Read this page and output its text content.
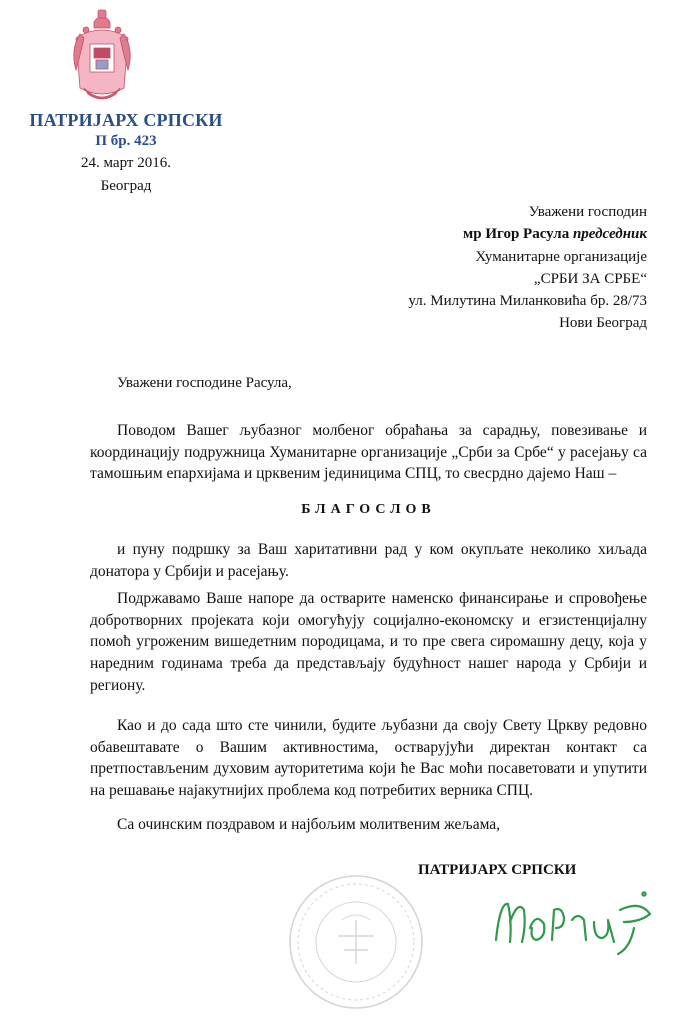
ПАТРИЈАРХ СРПСКИ
П бр. 423
24. март 2016.
Београд
Уважени господин
мр Игор Расула председник
Хуманитарне организације
„СРБИ ЗА СРБЕ“
ул. Милутина Миланковића бр. 28/73
Нови Београд
Уважени господине Расула,
Поводом Вашег љубазног молбеног обраћања за сарадњу, повезивање и координацију подружница Хуманитарне организације „Срби за Србе“ у расејању са тамошњим епархијама и црквеним јединицима СПЦ, то свесрдно дајемо Наш –
БЛАГОСЛОВ
и пуну подршку за Ваш харитативни рад у ком окупљате неколико хиљада донатора у Србији и расејању.
Подржавамо Ваше напоре да остварите наменско финансирање и спровођење добротворних пројеката који омогућују социјално-економску и егзистенцијалну помоћ угроженим вишедетним породицама, и то пре свега сиромашну децу, која у наредним годинама треба да представљају будућност нашег народа у Србији и региону.
Као и до сада што сте чинили, будите љубазни да своју Свету Цркву редовно обавештавате о Вашим активностима, остварујући директан контакт са претпостављеним духовим ауторитетима који ће Вас моћи посаветовати и упутити на решавање најакутнијих проблема код потребитих верника СПЦ.
Са очинским поздравом и најбољим молитвеним жељама,
ПАТРИЈАРХ СРПСКИ
